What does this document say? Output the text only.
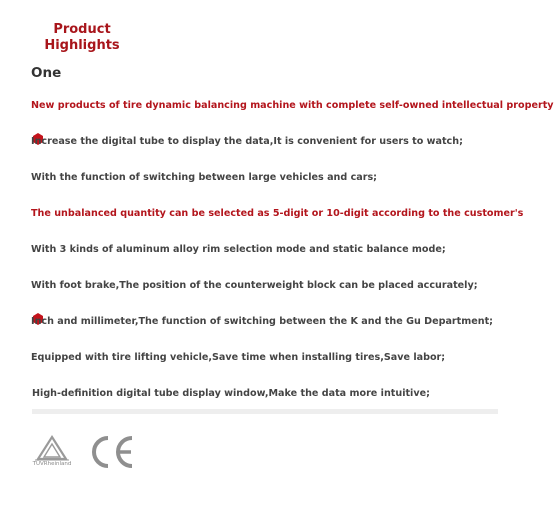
Product Highlights
One
New products of tire dynamic balancing machine with complete self-owned intellectual property
Increase the digital tube to display the data,It is convenient for users to watch;
With the function of switching between large vehicles and cars;
The unbalanced quantity can be selected as 5-digit or 10-digit according to the customer's
With 3 kinds of aluminum alloy rim selection mode and static balance mode;
With foot brake,The position of the counterweight block can be placed accurately;
Inch and millimeter,The function of switching between the K and the Gu Department;
Equipped with tire lifting vehicle,Save time when installing tires,Save labor;
High-definition digital tube display window,Make the data more intuitive;
TÜVRheinland
